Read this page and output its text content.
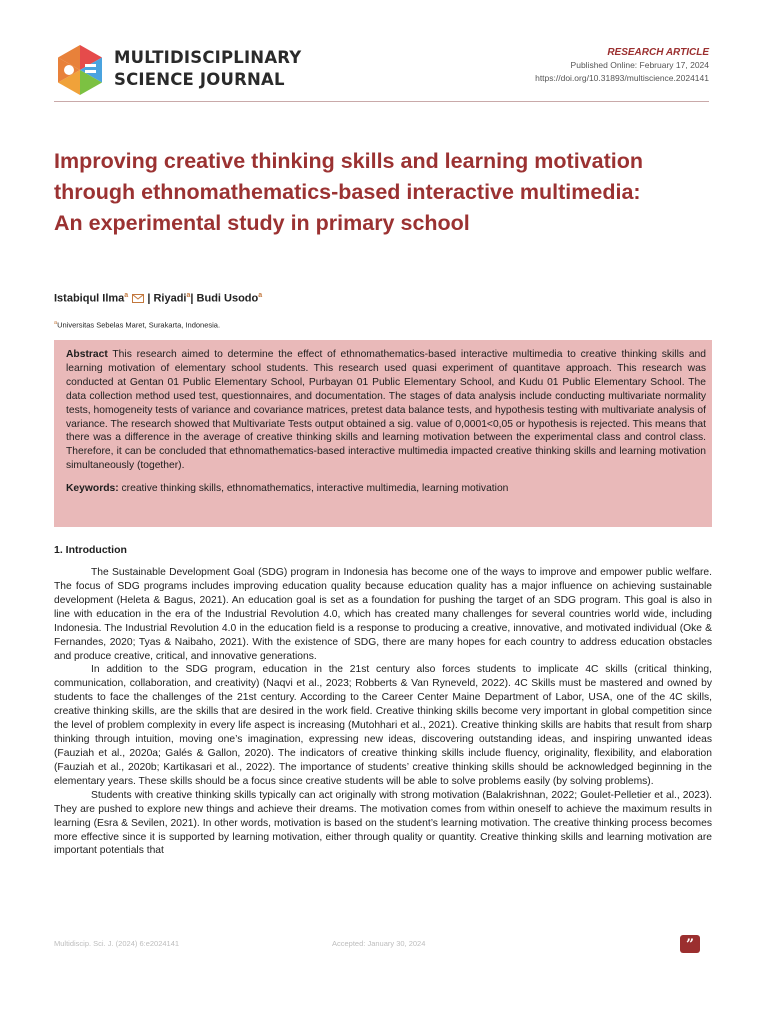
MULTIDISCIPLINARY
SCIENCE JOURNAL
RESEARCH ARTICLE
Published Online: February 17, 2024
https://doi.org/10.31893/multiscience.2024141
Improving creative thinking skills and learning motivation through ethnomathematics-based interactive multimedia: An experimental study in primary school
Istabiqul Ilma$^a$  | Riyadi$^a$| Budi Usodo$^a$
$^a$Universitas Sebelas Maret, Surakarta, Indonesia.

Abstract This research aimed to determine the effect of ethnomathematics-based interactive multimedia to creative thinking skills and learning motivation of elementary school students. This research used quasi experiment of quantitave approach. This research was conducted at Gentan 01 Public Elementary School, Purbayan 01 Public Elementary School, and Kudu 01 Public Elementary School. The data collection method used test, questionnaires, and documentation. The stages of data analysis include conducting multivariate normality tests, homogeneity tests of variance and covariance matrices, pretest data balance tests, and hypothesis testing with multivariate analysis of variance. The research showed that Multivariate Tests output obtained a sig. value of 0,0001<0,05 or hypothesis is rejected. This means that there was a difference in the average of creative thinking skills and learning motivation between the experimental class and control class. Therefore, it can be concluded that ethnomathematics-based interactive multimedia impacted creative thinking skills and learning motivation simultaneously (together).

Keywords: creative thinking skills, ethnomathematics, interactive multimedia, learning motivation

1. Introduction

The Sustainable Development Goal (SDG) program in Indonesia has become one of the ways to improve and empower public welfare. The focus of SDG programs includes improving education quality because education quality has a major influence on achieving sustainable development (Heleta & Bagus, 2021). An education goal is set as a foundation for pushing the target of an SDG program. This goal is also in line with education in the era of the Industrial Revolution 4.0, which has created many challenges for several countries world wide, including Indonesia. The Industrial Revolution 4.0 in the education field is a response to producing a creative, innovative, and motivated individual (Oke & Fernandes, 2020; Tyas & Naibaho, 2021). With the existence of SDG, there are many hopes for each country to address education obstacles and produce creative, critical, and innovative generations.

In addition to the SDG program, education in the 21st century also forces students to implicate 4C skills (critical thinking, communication, collaboration, and creativity) (Naqvi et al., 2023; Robberts & Van Ryneveld, 2022). 4C Skills must be mastered and owned by students to face the challenges of the 21st century. According to the Career Center Maine Department of Labor, USA, one of the 4C skills, creative thinking skills, are the skills that are desired in the work field. Creative thinking skills become very important in global competition since the level of problem complexity in every life aspect is increasing (Mutohhari et al., 2021). Creative thinking skills are habits that result from sharp thinking through intuition, moving one’s imagination, expressing new ideas, discovering outstanding ideas, and inspiring unwanted ideas (Fauziah et al., 2020a; Galés & Gallon, 2020). The indicators of creative thinking skills include fluency, originality, flexibility, and elaboration (Fauziah et al., 2020b; Kartikasari et al., 2022). The importance of students’ creative thinking skills should be acknowledged beginning in the elementary years. These skills should be a focus since creative students will be able to solve problems easily (by solving problems).

Students with creative thinking skills typically can act originally with strong motivation (Balakrishnan, 2022; Goulet-Pelletier et al., 2023). They are pushed to explore new things and achieve their dreams. The motivation comes from within oneself to achieve the maximum results in learning (Esra & Sevilen, 2021). In other words, motivation is based on the student’s learning motivation. The creative thinking process becomes more effective since it is supported by learning motivation, either through quality or quantity. Creative thinking skills and learning motivation are important potentials that

Multidiscip. Sci. J. (2024) 6:e2024141	Accepted: January 30, 2024	”
